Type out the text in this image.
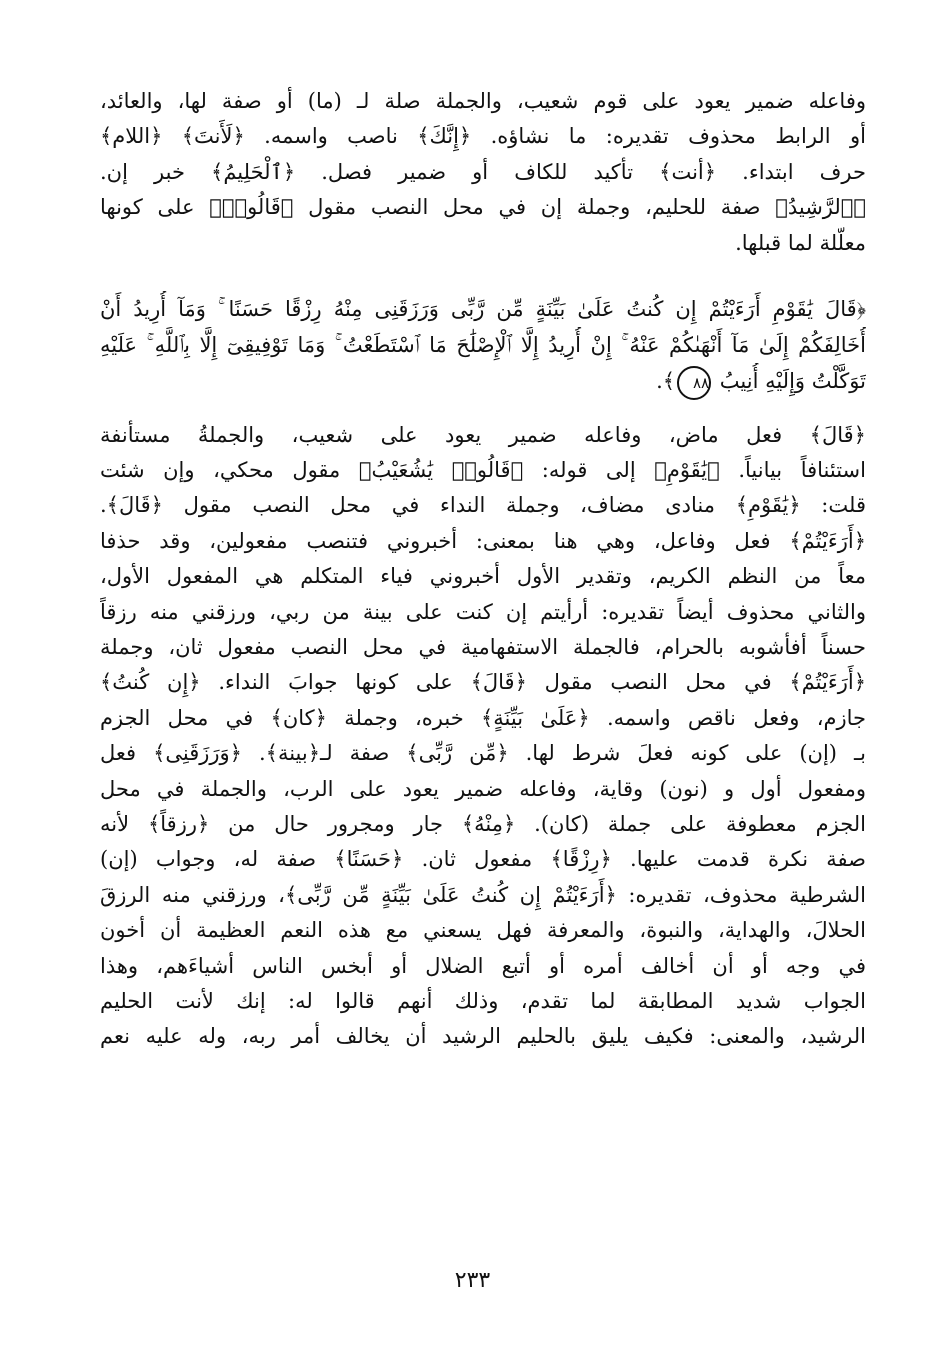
وفاعله ضمير يعود على قوم شعيب، والجملة صلة لـ (ما) أو صفة لها، والعائد،
أو الرابط محذوف تقديره: ما نشاؤه. ﴿إِنَّكَ﴾ ناصب واسمه. ﴿لَأَنتَ﴾ ﴿اللام﴾
حرف ابتداء. ﴿أنت﴾ تأكيد للكاف أو ضمير فصل. ﴿ٱلْحَلِيمُ﴾ خبر إن.
﴿ٱلرَّشِيدُ﴾ صفة للحليم، وجملة إن في محل النصب مقول ﴿قَالُوا۟﴾ على كونها
معلّلة لما قبلها.
﴿قَالَ يَٰقَوْمِ أَرَءَيْتُمْ إِن كُنتُ عَلَىٰ بَيِّنَةٍ مِّن رَّبِّى وَرَزَقَنِى مِنْهُ رِزْقًا حَسَنًا ۚ وَمَآ أُرِيدُ أَنْ
أُخَالِفَكُمْ إِلَىٰ مَآ أَنْهَىٰكُمْ عَنْهُ ۚ إِنْ أُرِيدُ إِلَّا ٱلْإِصْلَٰحَ مَا ٱسْتَطَعْتُ ۚ وَمَا تَوْفِيقِىٓ إِلَّا بِٱللَّهِ ۚ عَلَيْهِ
تَوَكَّلْتُ وَإِلَيْهِ أُنِيبُ ٨٨﴾.
﴿قَالَ﴾ فعل ماض، وفاعله ضمير يعود على شعيب، والجملةُ مستأنفة
استئنافاً بيانياً. ﴿يَٰقَوْمِ﴾ إلى قوله: ﴿قَالُوا۟ يَٰشُعَيْبُ﴾ مقول محكي، وإن شئت
قلت: ﴿يَٰقَوْمِ﴾ منادى مضاف، وجملة النداء في محل النصب مقول ﴿قَالَ﴾.
﴿أَرَءَيْتُمْ﴾ فعل وفاعل، وهي هنا بمعنى: أخبروني فتنصب مفعولين، وقد حذفا
معاً من النظم الكريم، وتقدير الأول أخبروني فياء المتكلم هي المفعول الأول،
والثاني محذوف أيضاً تقديره: أرأيتم إن كنت على بينة من ربي، ورزقني منه رزقاً
حسناً أفأشوبه بالحرام، فالجملة الاستفهامية في محل النصب مفعول ثان، وجملة
﴿أَرَءَيْتُمْ﴾ في محل النصب مقول ﴿قَالَ﴾ على كونها جوابَ النداء. ﴿إِن كُنتُ﴾
جازم، وفعل ناقص واسمه. ﴿عَلَىٰ بَيِّنَةٍ﴾ خبره، وجملة ﴿كان﴾ في محل الجزم
بـ (إن) على كونه فعلَ شرط لها. ﴿مِّن رَّبِّى﴾ صفة لـ﴿بينة﴾. ﴿وَرَزَقَنِى﴾ فعل
ومفعول أول و (نون) وقاية، وفاعله ضمير يعود على الرب، والجملة في محل
الجزم معطوفة على جملة (كان). ﴿مِنْهُ﴾ جار ومجرور حال من ﴿رزقاً﴾ لأنه
صفة نكرة قدمت عليها. ﴿رِزْقًا﴾ مفعول ثان. ﴿حَسَنًا﴾ صفة له، وجواب (إن)
الشرطية محذوف، تقديره: ﴿أَرَءَيْتُمْ إِن كُنتُ عَلَىٰ بَيِّنَةٍ مِّن رَّبِّى﴾، ورزقني منه الرزقَ
الحلالَ، والهداية، والنبوة، والمعرفة فهل يسعني مع هذه النعم العظيمة أن أخون
في وجه أو أن أخالف أمره أو أتبع الضلال أو أبخس الناس أشياءَهم، وهذا
الجواب شديد المطابقة لما تقدم، وذلك أنهم قالوا له: إنك لأنت الحليم
الرشيد، والمعنى: فكيف يليق بالحليم الرشيد أن يخالف أمر ربه، وله عليه نعم
٢٣٣
